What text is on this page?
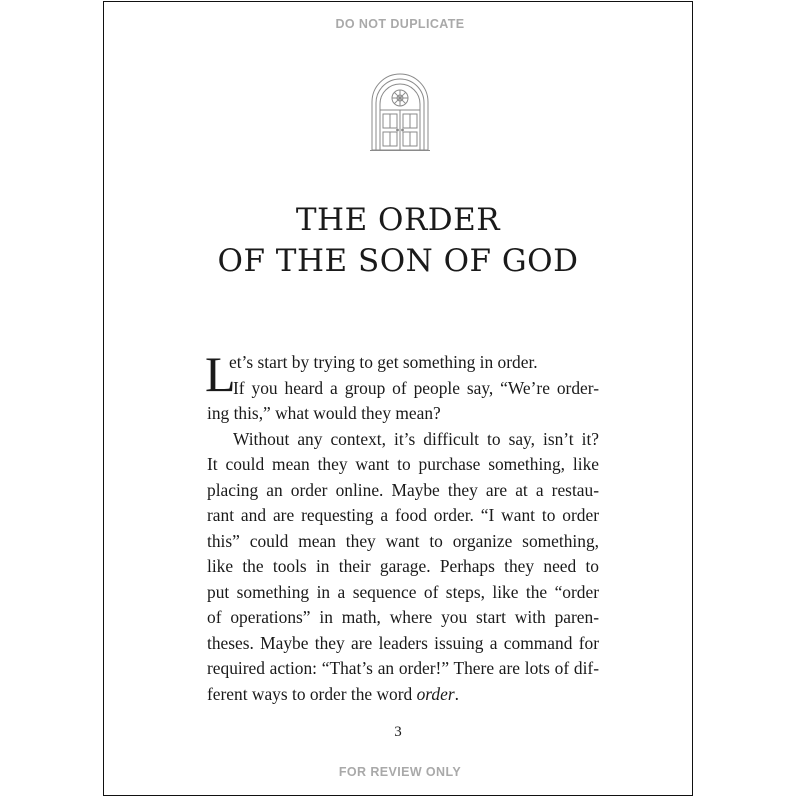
DO NOT DUPLICATE
THE ORDER
OF THE SON OF GOD
L
et’s start by trying to get something in order.
If you heard a group of people say, “We’re order-
ing this,” what would they mean?
Without any context, it’s difficult to say, isn’t it?
It could mean they want to purchase something, like
placing an order online. Maybe they are at a restau-
rant and are requesting a food order. “I want to order
this” could mean they want to organize something,
like the tools in their garage. Perhaps they need to
put something in a sequence of steps, like the “order
of operations” in math, where you start with paren-
theses. Maybe they are leaders issuing a command for
required action: “That’s an order!” There are lots of dif-
ferent ways to order the word order.
3
FOR REVIEW ONLY
